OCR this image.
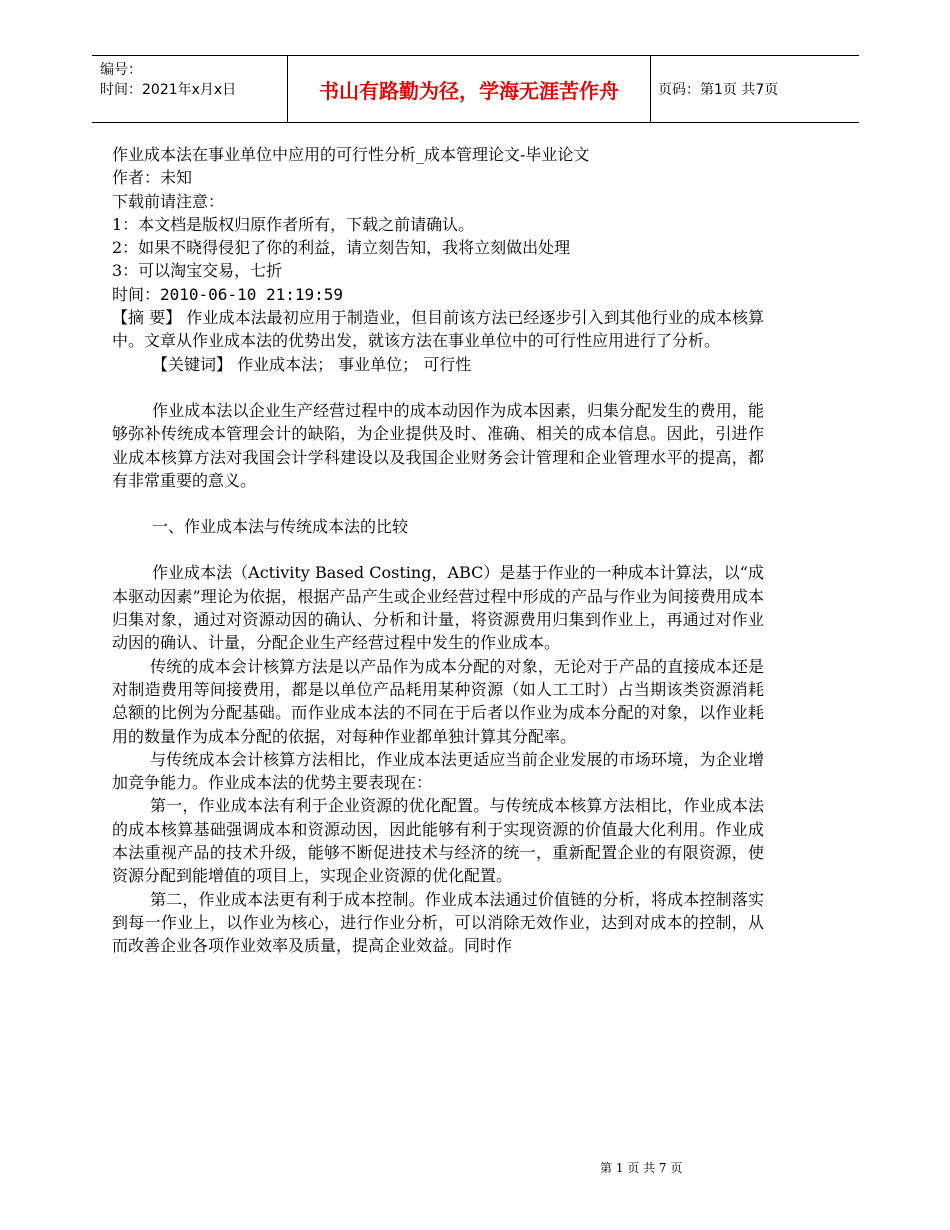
编号：
时间：2021年x月x日	书山有路勤为径，学海无涯苦作舟	页码：第1页 共7页

作业成本法在事业单位中应用的可行性分析_成本管理论文-毕业论文

作者：未知

下载前请注意：

1：本文档是版权归原作者所有，下载之前请确认。

2：如果不晓得侵犯了你的利益，请立刻告知，我将立刻做出处理

3：可以淘宝交易，七折

时间：2010-06-10 21:19:59

【摘 要】 作业成本法最初应用于制造业，但目前该方法已经逐步引入到其他行业的成本核算中。文章从作业成本法的优势出发，就该方法在事业单位中的可行性应用进行了分析。

【关键词】 作业成本法； 事业单位； 可行性

作业成本法以企业生产经营过程中的成本动因作为成本因素，归集分配发生的费用，能够弥补传统成本管理会计的缺陷，为企业提供及时、准确、相关的成本信息。因此，引进作业成本核算方法对我国会计学科建设以及我国企业财务会计管理和企业管理水平的提高，都有非常重要的意义。

一、作业成本法与传统成本法的比较

作业成本法（Activity Based Costing，ABC）是基于作业的一种成本计算法，以“成本驱动因素”理论为依据，根据产品产生或企业经营过程中形成的产品与作业为间接费用成本归集对象，通过对资源动因的确认、分析和计量，将资源费用归集到作业上，再通过对作业动因的确认、计量，分配企业生产经营过程中发生的作业成本。

传统的成本会计核算方法是以产品作为成本分配的对象，无论对于产品的直接成本还是对制造费用等间接费用，都是以单位产品耗用某种资源（如人工工时）占当期该类资源消耗总额的比例为分配基础。而作业成本法的不同在于后者以作业为成本分配的对象，以作业耗用的数量作为成本分配的依据，对每种作业都单独计算其分配率。

与传统成本会计核算方法相比，作业成本法更适应当前企业发展的市场环境，为企业增加竞争能力。作业成本法的优势主要表现在：

第一，作业成本法有利于企业资源的优化配置。与传统成本核算方法相比，作业成本法的成本核算基础强调成本和资源动因，因此能够有利于实现资源的价值最大化利用。作业成本法重视产品的技术升级，能够不断促进技术与经济的统一，重新配置企业的有限资源，使资源分配到能增值的项目上，实现企业资源的优化配置。

第二，作业成本法更有利于成本控制。作业成本法通过价值链的分析，将成本控制落实到每一作业上，以作业为核心，进行作业分析，可以消除无效作业，达到对成本的控制，从而改善企业各项作业效率及质量，提高企业效益。同时作

第 1 页 共 7 页
